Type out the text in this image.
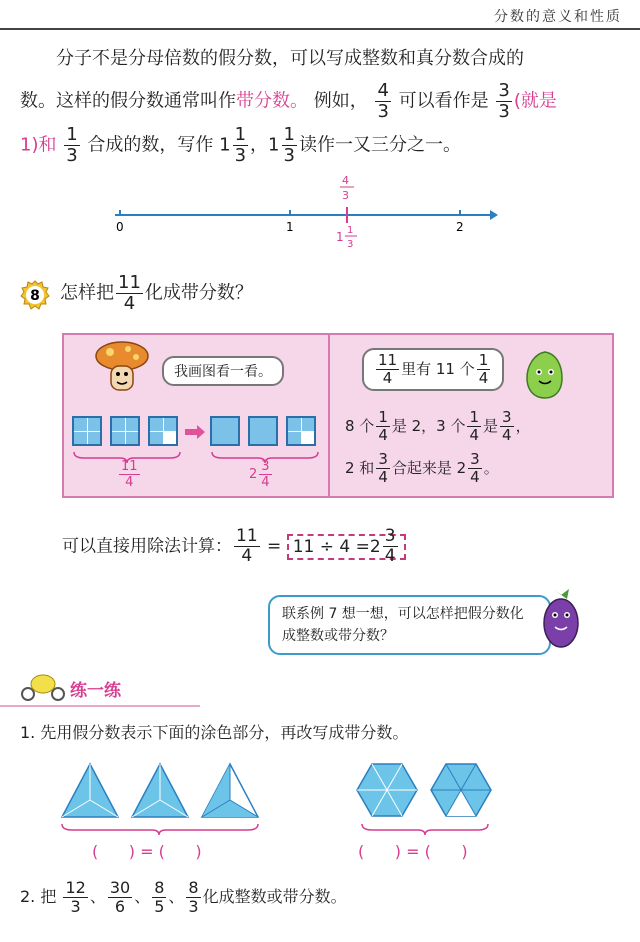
分数的意义和性质
分子不是分母倍数的假分数，可以写成整数和真分数合成的
数。这样的假分数通常叫作带分数。 例如， $\frac{4}{3}$ 可以看作是 $\frac{3}{3}$ (就是
1)和 $\frac{1}{3}$ 合成的数，写作 $1 \frac{1}{3}$ ，$1 \frac{1}{3}$ 读作一又三分之一。
0	1	2
4
3
1 1
3
8 怎样把 $\frac{11}{4}$ 化成带分数？
我画图看一看。
$\frac{11}{4}$	$2 \frac{3}{4}$
$\frac{11}{4}$ 里有 11 个 $\frac{1}{4}$
8 个 $\frac{1}{4}$ 是 2，3 个 $\frac{1}{4}$ 是 $\frac{3}{4}$ ，
2 和 $\frac{3}{4}$ 合起来是 $2 \frac{3}{4}$ 。
可以直接用除法计算： $\frac{11}{4} = 11 \div 4 =2 \frac{3}{4}$
联系例 7 想一想，可以怎样把假分数化成整数或带分数？
练一练
1. 先用假分数表示下面的涂色部分，再改写成带分数。
(      ) = (      )	(      ) = (      )
2. 把 $\frac{12}{3}$ 、 $\frac{30}{6}$ 、 $\frac{8}{5}$ 、 $\frac{8}{3}$ 化成整数或带分数。
